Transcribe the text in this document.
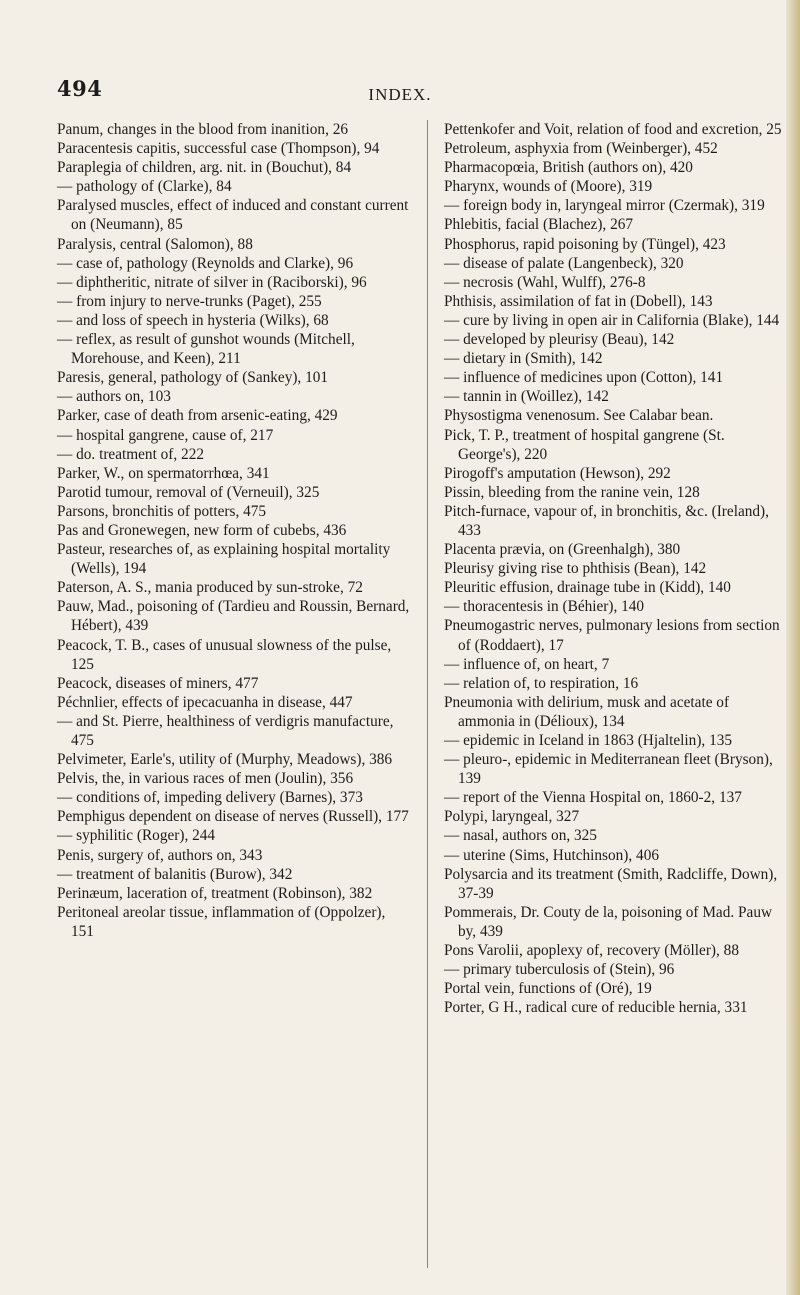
494	INDEX.

Panum, changes in the blood from inanition, 26

Paracentesis capitis, successful case (Thompson), 94

Paraplegia of children, arg. nit. in (Bouchut), 84

— pathology of (Clarke), 84

Paralysed muscles, effect of induced and constant current on (Neumann), 85

Paralysis, central (Salomon), 88

— case of, pathology (Reynolds and Clarke), 96

— diphtheritic, nitrate of silver in (Raciborski), 96

— from injury to nerve-trunks (Paget), 255

— and loss of speech in hysteria (Wilks), 68

— reflex, as result of gunshot wounds (Mitchell, Morehouse, and Keen), 211

Paresis, general, pathology of (Sankey), 101

— authors on, 103

Parker, case of death from arsenic-eating, 429

— hospital gangrene, cause of, 217

— do. treatment of, 222

Parker, W., on spermatorrhœa, 341

Parotid tumour, removal of (Verneuil), 325

Parsons, bronchitis of potters, 475

Pas and Gronewegen, new form of cubebs, 436

Pasteur, researches of, as explaining hospital mortality (Wells), 194

Paterson, A. S., mania produced by sun-stroke, 72

Pauw, Mad., poisoning of (Tardieu and Roussin, Bernard, Hébert), 439

Peacock, T. B., cases of unusual slowness of the pulse, 125

Peacock, diseases of miners, 477

Péchnlier, effects of ipecacuanha in disease, 447

— and St. Pierre, healthiness of verdigris manufacture, 475

Pelvimeter, Earle's, utility of (Murphy, Meadows), 386

Pelvis, the, in various races of men (Joulin), 356

— conditions of, impeding delivery (Barnes), 373

Pemphigus dependent on disease of nerves (Russell), 177

— syphilitic (Roger), 244

Penis, surgery of, authors on, 343

— treatment of balanitis (Burow), 342

Perinæum, laceration of, treatment (Robinson), 382

Peritoneal areolar tissue, inflammation of (Oppolzer), 151

Pettenkofer and Voit, relation of food and excretion, 25

Petroleum, asphyxia from (Weinberger), 452

Pharmacopœia, British (authors on), 420

Pharynx, wounds of (Moore), 319

— foreign body in, laryngeal mirror (Czermak), 319

Phlebitis, facial (Blachez), 267

Phosphorus, rapid poisoning by (Tüngel), 423

— disease of palate (Langenbeck), 320

— necrosis (Wahl, Wulff), 276-8

Phthisis, assimilation of fat in (Dobell), 143

— cure by living in open air in California (Blake), 144

— developed by pleurisy (Beau), 142

— dietary in (Smith), 142

— influence of medicines upon (Cotton), 141

— tannin in (Woillez), 142

Physostigma venenosum. See Calabar bean.

Pick, T. P., treatment of hospital gangrene (St. George's), 220

Pirogoff's amputation (Hewson), 292

Pissin, bleeding from the ranine vein, 128

Pitch-furnace, vapour of, in bronchitis, &c. (Ireland), 433

Placenta prævia, on (Greenhalgh), 380

Pleurisy giving rise to phthisis (Bean), 142

Pleuritic effusion, drainage tube in (Kidd), 140

— thoracentesis in (Béhier), 140

Pneumogastric nerves, pulmonary lesions from section of (Roddaert), 17

— influence of, on heart, 7

— relation of, to respiration, 16

Pneumonia with delirium, musk and acetate of ammonia in (Délioux), 134

— epidemic in Iceland in 1863 (Hjaltelin), 135

— pleuro-, epidemic in Mediterranean fleet (Bryson), 139

— report of the Vienna Hospital on, 1860-2, 137

Polypi, laryngeal, 327

— nasal, authors on, 325

— uterine (Sims, Hutchinson), 406

Polysarcia and its treatment (Smith, Radcliffe, Down), 37-39

Pommerais, Dr. Couty de la, poisoning of Mad. Pauw by, 439

Pons Varolii, apoplexy of, recovery (Möller), 88

— primary tuberculosis of (Stein), 96

Portal vein, functions of (Oré), 19

Porter, G H., radical cure of reducible hernia, 331
